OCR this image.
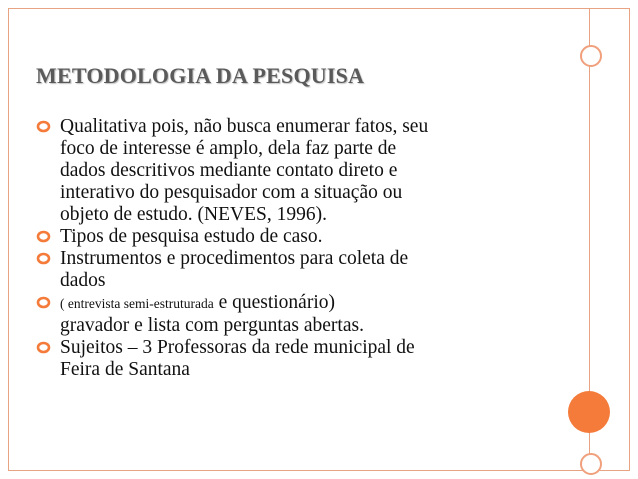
METODOLOGIA DA PESQUISA
Qualitativa pois, não busca enumerar fatos, seu
foco de interesse é amplo, dela faz parte de
dados descritivos mediante contato direto e
interativo do pesquisador com a situação ou
objeto de estudo. (NEVES, 1996).
Tipos de pesquisa estudo de caso.
Instrumentos e procedimentos para coleta de
dados
( entrevista semi-estruturada e questionário)
gravador e lista com perguntas abertas.
Sujeitos – 3 Professoras da rede municipal de
Feira de Santana
